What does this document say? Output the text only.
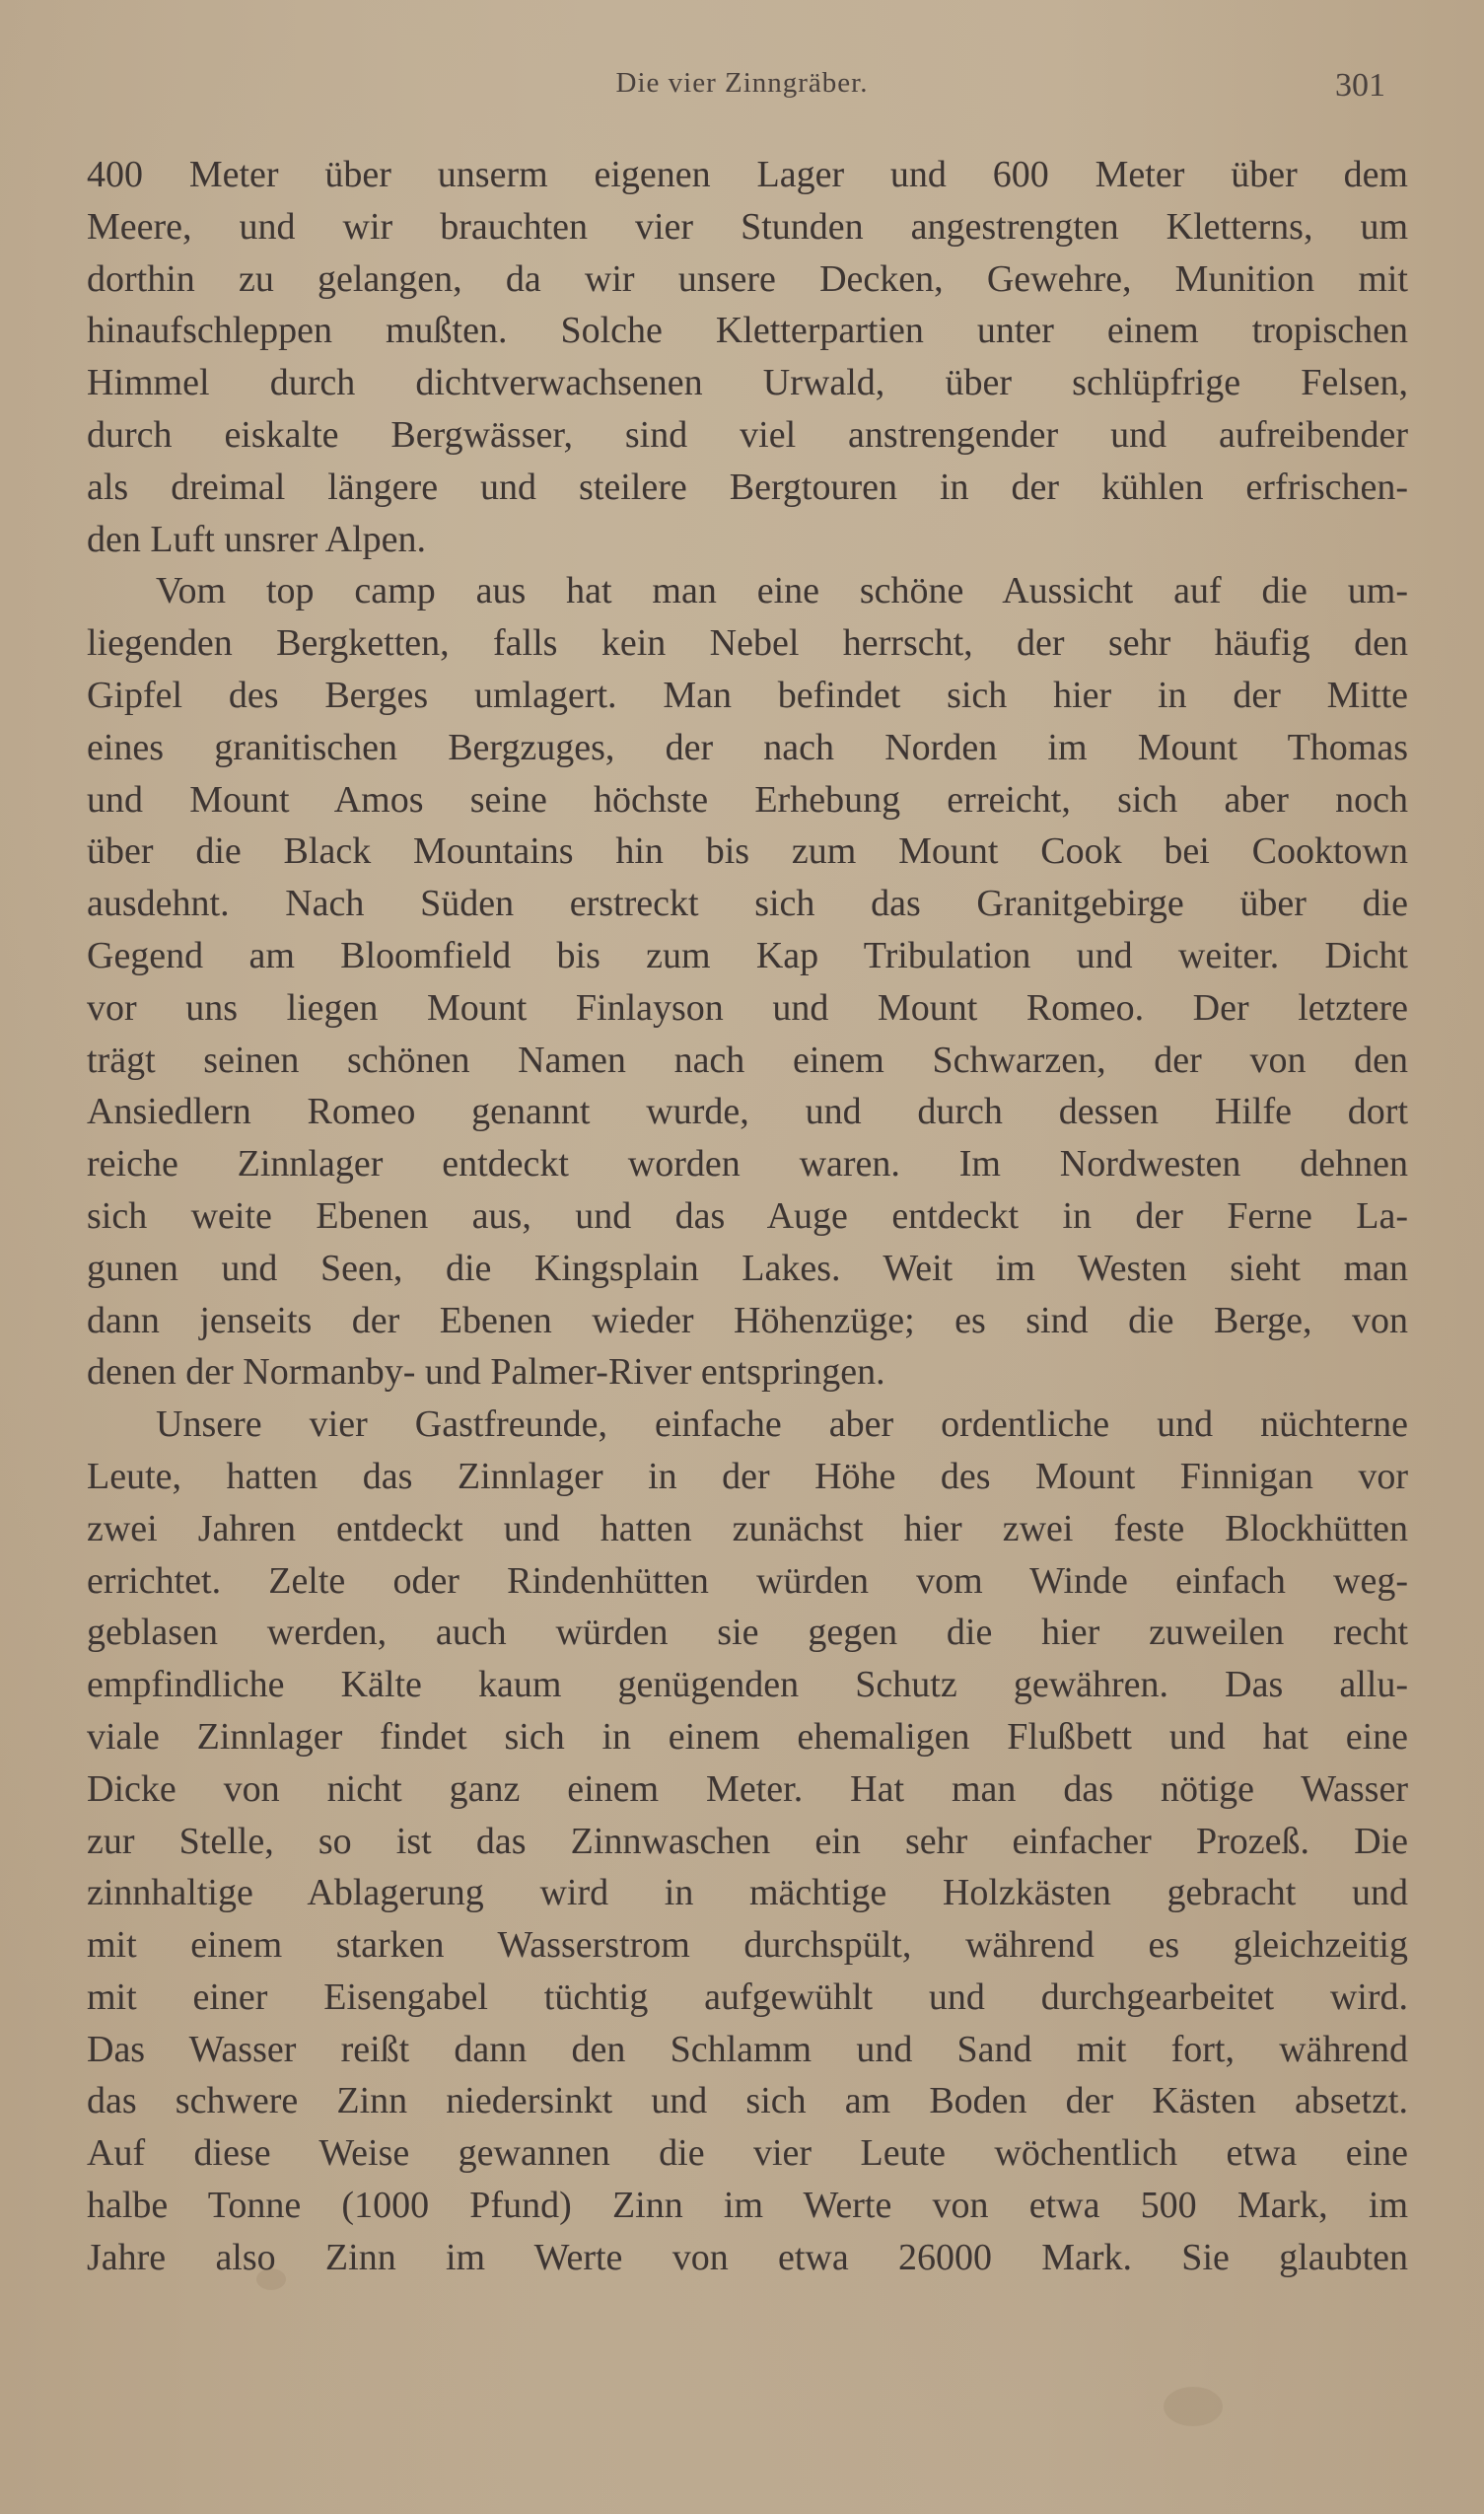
Die vier Zinngräber.	301
400 Meter über unserm eigenen Lager und 600 Meter über dem
Meere, und wir brauchten vier Stunden angestrengten Kletterns, um
dorthin zu gelangen, da wir unsere Decken, Gewehre, Munition mit
hinaufschleppen mußten. Solche Kletterpartien unter einem tropischen
Himmel durch dichtverwachsenen Urwald, über schlüpfrige Felsen,
durch eiskalte Bergwässer, sind viel anstrengender und aufreibender
als dreimal längere und steilere Bergtouren in der kühlen erfrischen-
den Luft unsrer Alpen.
Vom top camp aus hat man eine schöne Aussicht auf die um-
liegenden Bergketten, falls kein Nebel herrscht, der sehr häufig den
Gipfel des Berges umlagert. Man befindet sich hier in der Mitte
eines granitischen Bergzuges, der nach Norden im Mount Thomas
und Mount Amos seine höchste Erhebung erreicht, sich aber noch
über die Black Mountains hin bis zum Mount Cook bei Cooktown
ausdehnt. Nach Süden erstreckt sich das Granitgebirge über die
Gegend am Bloomfield bis zum Kap Tribulation und weiter. Dicht
vor uns liegen Mount Finlayson und Mount Romeo. Der letztere
trägt seinen schönen Namen nach einem Schwarzen, der von den
Ansiedlern Romeo genannt wurde, und durch dessen Hilfe dort
reiche Zinnlager entdeckt worden waren. Im Nordwesten dehnen
sich weite Ebenen aus, und das Auge entdeckt in der Ferne La-
gunen und Seen, die Kingsplain Lakes. Weit im Westen sieht man
dann jenseits der Ebenen wieder Höhenzüge; es sind die Berge, von
denen der Normanby- und Palmer-River entspringen.
Unsere vier Gastfreunde, einfache aber ordentliche und nüchterne
Leute, hatten das Zinnlager in der Höhe des Mount Finnigan vor
zwei Jahren entdeckt und hatten zunächst hier zwei feste Blockhütten
errichtet. Zelte oder Rindenhütten würden vom Winde einfach weg-
geblasen werden, auch würden sie gegen die hier zuweilen recht
empfindliche Kälte kaum genügenden Schutz gewähren. Das allu-
viale Zinnlager findet sich in einem ehemaligen Flußbett und hat eine
Dicke von nicht ganz einem Meter. Hat man das nötige Wasser
zur Stelle, so ist das Zinnwaschen ein sehr einfacher Prozeß. Die
zinnhaltige Ablagerung wird in mächtige Holzkästen gebracht und
mit einem starken Wasserstrom durchspült, während es gleichzeitig
mit einer Eisengabel tüchtig aufgewühlt und durchgearbeitet wird.
Das Wasser reißt dann den Schlamm und Sand mit fort, während
das schwere Zinn niedersinkt und sich am Boden der Kästen absetzt.
Auf diese Weise gewannen die vier Leute wöchentlich etwa eine
halbe Tonne (1000 Pfund) Zinn im Werte von etwa 500 Mark, im
Jahre also Zinn im Werte von etwa 26000 Mark. Sie glaubten
